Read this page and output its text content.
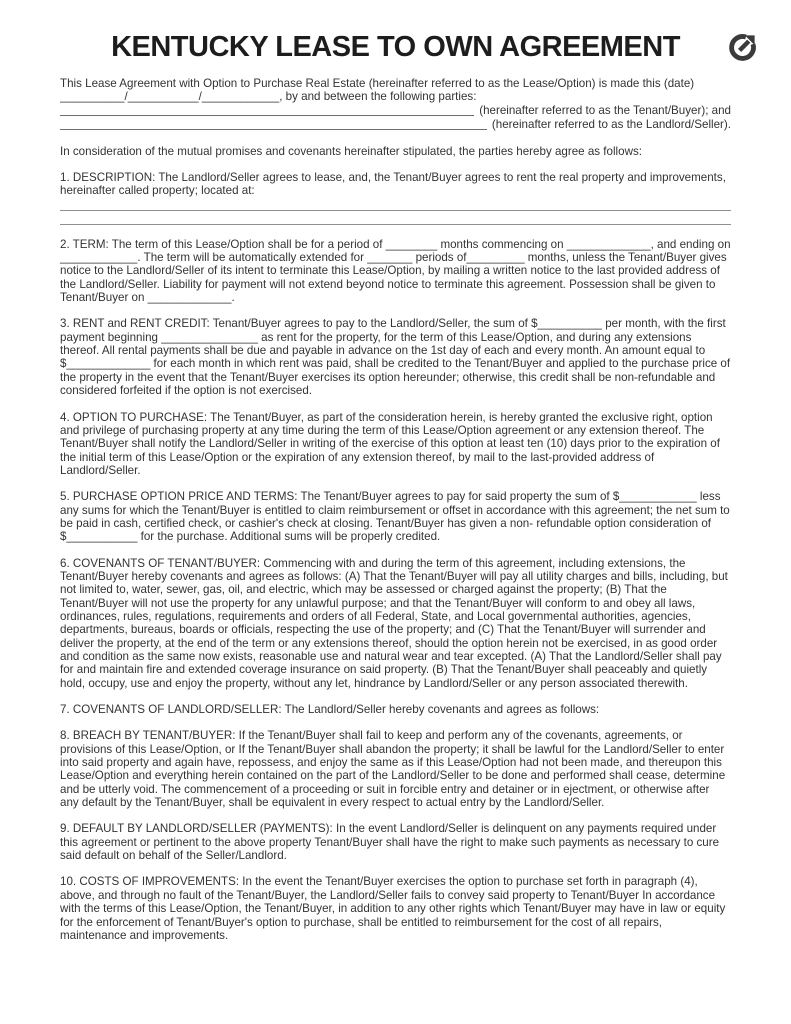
KENTUCKY LEASE TO OWN AGREEMENT

This Lease Agreement with Option to Purchase Real Estate (hereinafter referred to as the Lease/Option) is made this (date)
__________/___________/____________, by and between the following parties:
(hereinafter referred to as the Tenant/Buyer); and
(hereinafter referred to as the Landlord/Seller).

In consideration of the mutual promises and covenants hereinafter stipulated, the parties hereby agree as follows:

1. DESCRIPTION: The Landlord/Seller agrees to lease, and, the Tenant/Buyer agrees to rent the real property and improvements, hereinafter called property; located at:

2. TERM: The term of this Lease/Option shall be for a period of ________ months commencing on _____________, and ending on ____________. The term will be automatically extended for _______ periods of_________ months, unless the Tenant/Buyer gives notice to the Landlord/Seller of its intent to terminate this Lease/Option, by mailing a written notice to the last provided address of the Landlord/Seller. Liability for payment will not extend beyond notice to terminate this agreement. Possession shall be given to Tenant/Buyer on _____________.

3. RENT and RENT CREDIT: Tenant/Buyer agrees to pay to the Landlord/Seller, the sum of $__________ per month, with the first payment beginning _______________ as rent for the property, for the term of this Lease/Option, and during any extensions thereof. All rental payments shall be due and payable in advance on the 1st day of each and every month. An amount equal to $_____________ for each month in which rent was paid, shall be credited to the Tenant/Buyer and applied to the purchase price of the property in the event that the Tenant/Buyer exercises its option hereunder; otherwise, this credit shall be non-refundable and considered forfeited if the option is not exercised.

4. OPTION TO PURCHASE: The Tenant/Buyer, as part of the consideration herein, is hereby granted the exclusive right, option and privilege of purchasing property at any time during the term of this Lease/Option agreement or any extension thereof. The Tenant/Buyer shall notify the Landlord/Seller in writing of the exercise of this option at least ten (10) days prior to the expiration of the initial term of this Lease/Option or the expiration of any extension thereof, by mail to the last-provided address of Landlord/Seller.

5. PURCHASE OPTION PRICE AND TERMS: The Tenant/Buyer agrees to pay for said property the sum of $____________ less any sums for which the Tenant/Buyer is entitled to claim reimbursement or offset in accordance with this agreement; the net sum to be paid in cash, certified check, or cashier's check at closing. Tenant/Buyer has given a non- refundable option consideration of $___________ for the purchase. Additional sums will be properly credited.

6. COVENANTS OF TENANT/BUYER: Commencing with and during the term of this agreement, including extensions, the Tenant/Buyer hereby covenants and agrees as follows: (A) That the Tenant/Buyer will pay all utility charges and bills, including, but not limited to, water, sewer, gas, oil, and electric, which may be assessed or charged against the property; (B) That the Tenant/Buyer will not use the property for any unlawful purpose; and that the Tenant/Buyer will conform to and obey all laws, ordinances, rules, regulations, requirements and orders of all Federal, State, and Local governmental authorities, agencies, departments, bureaus, boards or officials, respecting the use of the property; and (C) That the Tenant/Buyer will surrender and deliver the property, at the end of the term or any extensions thereof, should the option herein not be exercised, in as good order and condition as the same now exists, reasonable use and natural wear and tear excepted. (A) That the Landlord/Seller shall pay for and maintain fire and extended coverage insurance on said property. (B) That the Tenant/Buyer shall peaceably and quietly hold, occupy, use and enjoy the property, without any let, hindrance by Landlord/Seller or any person associated therewith.

7. COVENANTS OF LANDLORD/SELLER: The Landlord/Seller hereby covenants and agrees as follows:

8. BREACH BY TENANT/BUYER: If the Tenant/Buyer shall fail to keep and perform any of the covenants, agreements, or provisions of this Lease/Option, or If the Tenant/Buyer shall abandon the property; it shall be lawful for the Landlord/Seller to enter into said property and again have, repossess, and enjoy the same as if this Lease/Option had not been made, and thereupon this Lease/Option and everything herein contained on the part of the Landlord/Seller to be done and performed shall cease, determine and be utterly void. The commencement of a proceeding or suit in forcible entry and detainer or in ejectment, or otherwise after any default by the Tenant/Buyer, shall be equivalent in every respect to actual entry by the Landlord/Seller.

9. DEFAULT BY LANDLORD/SELLER (PAYMENTS): In the event Landlord/Seller is delinquent on any payments required under this agreement or pertinent to the above property Tenant/Buyer shall have the right to make such payments as necessary to cure said default on behalf of the Seller/Landlord.

10. COSTS OF IMPROVEMENTS: In the event the Tenant/Buyer exercises the option to purchase set forth in paragraph (4), above, and through no fault of the Tenant/Buyer, the Landlord/Seller fails to convey said property to Tenant/Buyer In accordance with the terms of this Lease/Option, the Tenant/Buyer, in addition to any other rights which Tenant/Buyer may have in law or equity for the enforcement of Tenant/Buyer's option to purchase, shall be entitled to reimbursement for the cost of all repairs, maintenance and improvements.
